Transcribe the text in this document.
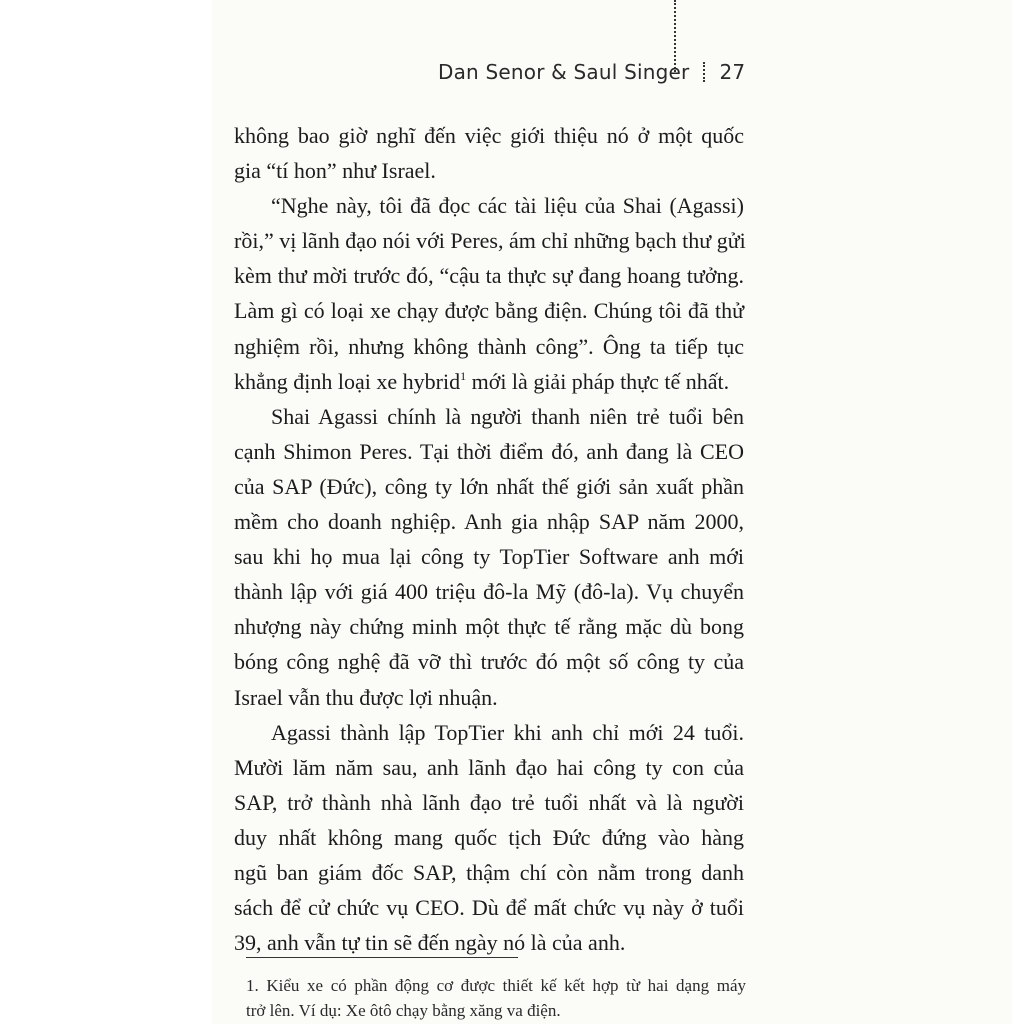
Dan Senor & Saul Singer 27

không bao giờ nghĩ đến việc giới thiệu nó ở một quốc
gia “tí hon” như Israel.

“Nghe này, tôi đã đọc các tài liệu của Shai (Agassi)
rồi,” vị lãnh đạo nói với Peres, ám chỉ những bạch thư gửi
kèm thư mời trước đó, “cậu ta thực sự đang hoang tưởng.
Làm gì có loại xe chạy được bằng điện. Chúng tôi đã thử
nghiệm rồi, nhưng không thành công”. Ông ta tiếp tục
khẳng định loại xe hybrid$^1$ mới là giải pháp thực tế nhất.

Shai Agassi chính là người thanh niên trẻ tuổi bên
cạnh Shimon Peres. Tại thời điểm đó, anh đang là CEO
của SAP (Đức), công ty lớn nhất thế giới sản xuất phần
mềm cho doanh nghiệp. Anh gia nhập SAP năm 2000,
sau khi họ mua lại công ty TopTier Software anh mới
thành lập với giá 400 triệu đô-la Mỹ (đô-la). Vụ chuyển
nhượng này chứng minh một thực tế rằng mặc dù bong
bóng công nghệ đã vỡ thì trước đó một số công ty của
Israel vẫn thu được lợi nhuận.

Agassi thành lập TopTier khi anh chỉ mới 24 tuổi.
Mười lăm năm sau, anh lãnh đạo hai công ty con của
SAP, trở thành nhà lãnh đạo trẻ tuổi nhất và là người
duy nhất không mang quốc tịch Đức đứng vào hàng
ngũ ban giám đốc SAP, thậm chí còn nằm trong danh
sách để cử chức vụ CEO. Dù để mất chức vụ này ở tuổi
39, anh vẫn tự tin sẽ đến ngày nó là của anh.

1. Kiểu xe có phần động cơ được thiết kế kết hợp từ hai dạng máy
trở lên. Ví dụ: Xe ôtô chạy bằng xăng va điện.
